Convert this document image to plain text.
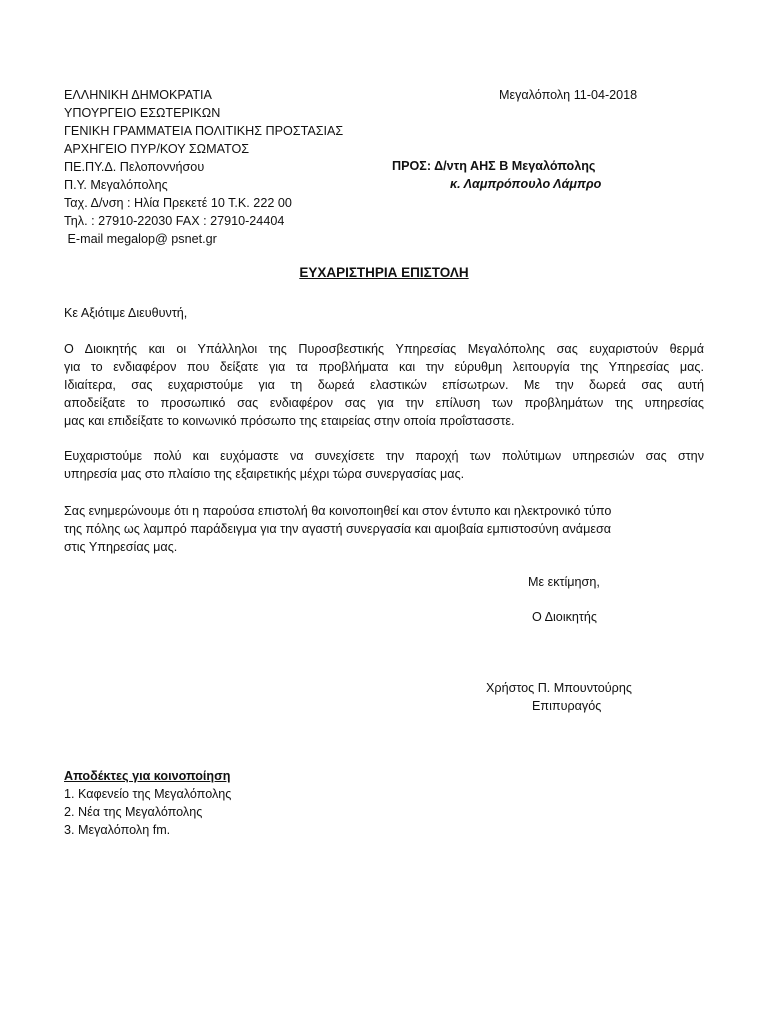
ΕΛΛΗΝΙΚΗ ΔΗΜΟΚΡΑΤΙΑ
ΥΠΟΥΡΓΕΙΟ ΕΣΩΤΕΡΙΚΩΝ
ΓΕΝΙΚΗ ΓΡΑΜΜΑΤΕΙΑ ΠΟΛΙΤΙΚΗΣ ΠΡΟΣΤΑΣΙΑΣ
ΑΡΧΗΓΕΙΟ ΠΥΡ/ΚΟΥ ΣΩΜΑΤΟΣ
ΠΕ.ΠΥ.Δ. Πελοποννήσου
Π.Υ. Μεγαλόπολης
Ταχ. Δ/νση : Ηλία Πρεκετέ 10 Τ.Κ. 222 00
Τηλ. : 27910-22030 FAX : 27910-24404
E-mail megalop@ psnet.gr
Μεγαλόπολη 11-04-2018
ΠΡΟΣ: Δ/ντη ΑΗΣ Β Μεγαλόπολης
κ. Λαμπρόπουλο Λάμπρο
ΕΥΧΑΡΙΣΤΗΡΙΑ ΕΠΙΣΤΟΛΗ
Κε Αξιότιμε Διευθυντή,
Ο Διοικητής και οι Υπάλληλοι της Πυροσβεστικής Υπηρεσίας Μεγαλόπολης σας ευχαριστούν θερμά
για το ενδιαφέρον που δείξατε για τα προβλήματα και την εύρυθμη λειτουργία της Υπηρεσίας μας.
Ιδιαίτερα, σας ευχαριστούμε για τη δωρεά ελαστικών επίσωτρων. Με την δωρεά σας αυτή
αποδείξατε το προσωπικό σας ενδιαφέρον σας για την επίλυση των προβλημάτων της υπηρεσίας
μας και επιδείξατε το κοινωνικό πρόσωπο της εταιρείας στην οποία προΐστασστε.
Ευχαριστούμε πολύ και ευχόμαστε να συνεχίσετε την παροχή των πολύτιμων υπηρεσιών σας στην
υπηρεσία μας στο πλαίσιο της εξαιρετικής μέχρι τώρα συνεργασίας μας.
Σας ενημερώνουμε ότι η παρούσα επιστολή θα κοινοποιηθεί και στον έντυπο και ηλεκτρονικό τύπο
της πόλης ως λαμπρό παράδειγμα για την αγαστή συνεργασία και αμοιβαία εμπιστοσύνη ανάμεσα
στις Υπηρεσίας μας.
Με εκτίμηση,
Ο Διοικητής
Χρήστος Π. Μπουντούρης
Επιπυραγός
Αποδέκτες για κοινοποίηση
1. Καφενείο της Μεγαλόπολης
2. Νέα της Μεγαλόπολης
3. Μεγαλόπολη fm.
